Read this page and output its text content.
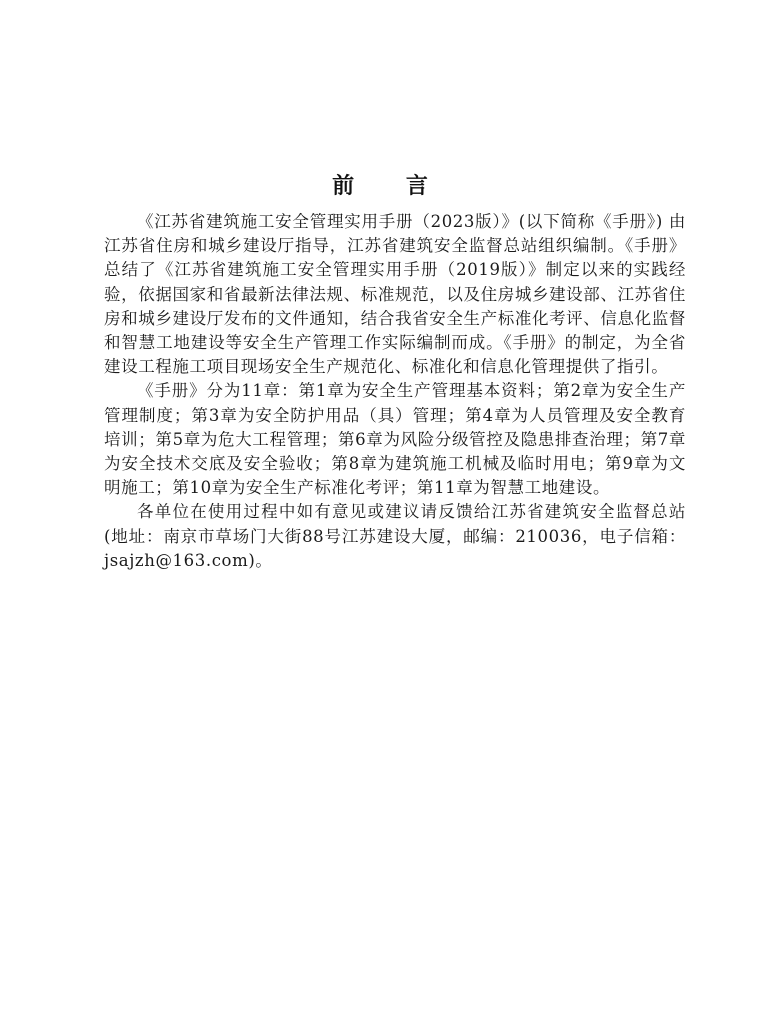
前 言

《江苏省建筑施工安全管理实用手册（2023版）》(以下简称《手册》) 由江苏省住房和城乡建设厅指导，江苏省建筑安全监督总站组织编制。《手册》总结了《江苏省建筑施工安全管理实用手册（2019版）》制定以来的实践经验，依据国家和省最新法律法规、标准规范，以及住房城乡建设部、江苏省住房和城乡建设厅发布的文件通知，结合我省安全生产标准化考评、信息化监督和智慧工地建设等安全生产管理工作实际编制而成。《手册》的制定，为全省建设工程施工项目现场安全生产规范化、标准化和信息化管理提供了指引。

《手册》分为11章：第1章为安全生产管理基本资料；第2章为安全生产管理制度；第3章为安全防护用品（具）管理；第4章为人员管理及安全教育培训；第5章为危大工程管理；第6章为风险分级管控及隐患排查治理；第7章为安全技术交底及安全验收；第8章为建筑施工机械及临时用电；第9章为文明施工；第10章为安全生产标准化考评；第11章为智慧工地建设。

各单位在使用过程中如有意见或建议请反馈给江苏省建筑安全监督总站(地址：南京市草场门大街88号江苏建设大厦，邮编：210036，电子信箱：jsajzh@163.com)。
